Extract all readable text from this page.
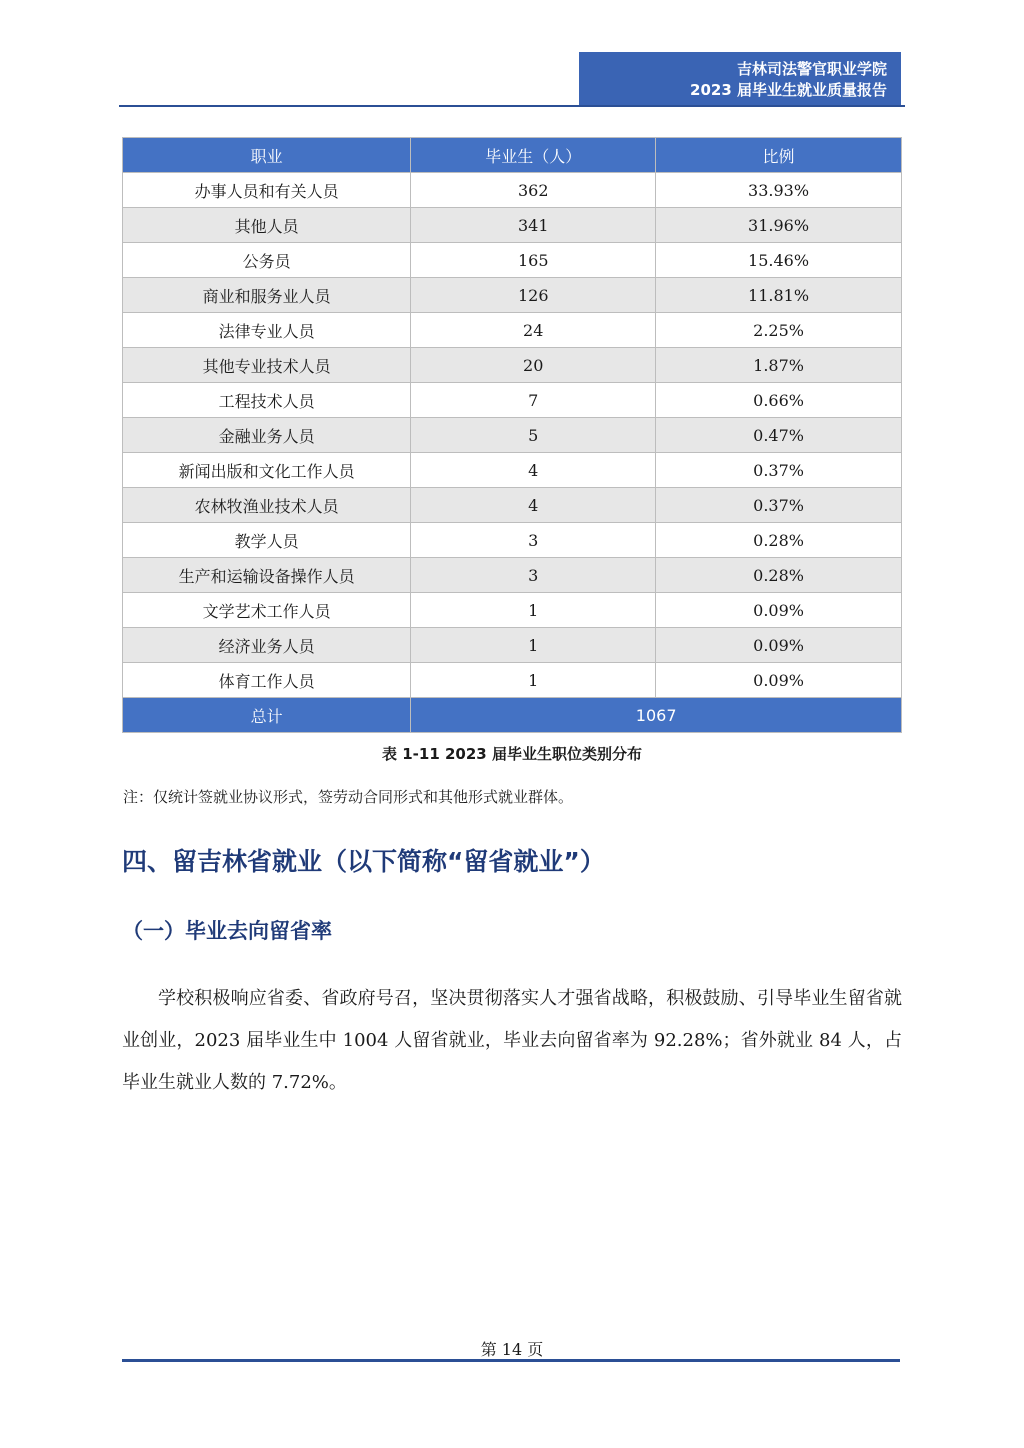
吉林司法警官职业学院
2023 届毕业生就业质量报告
职业	毕业生（人）	比例
办事人员和有关人员	362	33.93%
其他人员	341	31.96%
公务员	165	15.46%
商业和服务业人员	126	11.81%
法律专业人员	24	2.25%
其他专业技术人员	20	1.87%
工程技术人员	7	0.66%
金融业务人员	5	0.47%
新闻出版和文化工作人员	4	0.37%
农林牧渔业技术人员	4	0.37%
教学人员	3	0.28%
生产和运输设备操作人员	3	0.28%
文学艺术工作人员	1	0.09%
经济业务人员	1	0.09%
体育工作人员	1	0.09%
总计	1067	
表 1-11 2023 届毕业生职位类别分布
注：仅统计签就业协议形式，签劳动合同形式和其他形式就业群体。
四、留吉林省就业（以下简称“留省就业”）
（一）毕业去向留省率
学校积极响应省委、省政府号召，坚决贯彻落实人才强省战略，积极鼓励、引导毕业生留省就业创业，2023 届毕业生中 1004 人留省就业，毕业去向留省率为 92.28%；省外就业 84 人，占毕业生就业人数的 7.72%。
第 14 页
